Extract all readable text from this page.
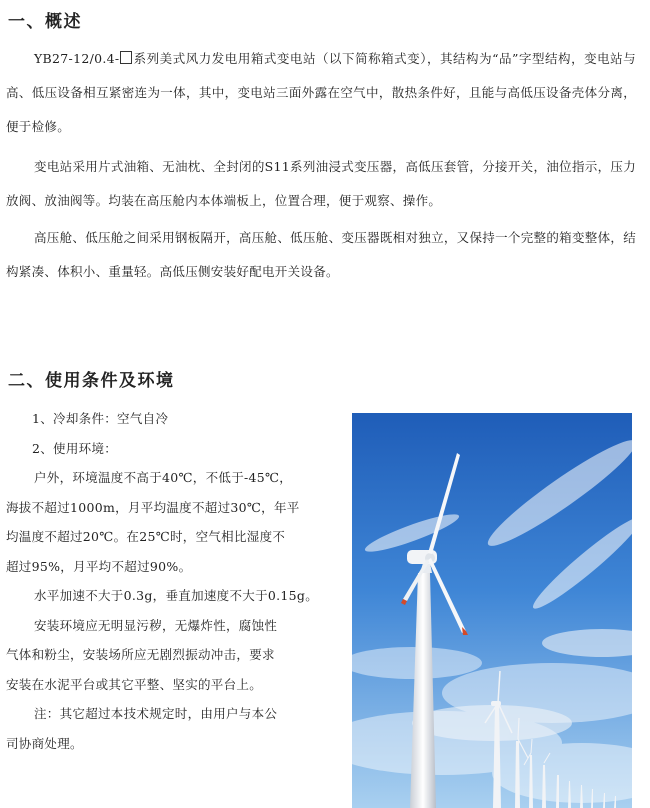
一、概述
YB27-12/0.4- 系列美式风力发电用箱式变电站（以下简称箱式变），其结构为“品”字型结构，变电站与高、低压设备相互紧密连为一体，其中，变电站三面外露在空气中，散热条件好，且能与高低压设备壳体分离，便于检修。
变电站采用片式油箱、无油枕、全封闭的S11系列油浸式变压器，高低压套管，分接开关，油位指示，压力放阀、放油阀等。均装在高压舱内本体端板上，位置合理，便于观察、操作。
高压舱、低压舱之间采用钢板隔开，高压舱、低压舱、变压器既相对独立，又保持一个完整的箱变整体，结构紧凑、体积小、重量轻。高低压侧安装好配电开关设备。
二、使用条件及环境
1、冷却条件：空气自冷
2、使用环境：
户外，环境温度不高于40℃，不低于-45℃，
海拔不超过1000m，月平均温度不超过30℃，年平
均温度不超过20℃。在25℃时，空气相比湿度不
超过95%，月平均不超过90%。
水平加速不大于0.3g，垂直加速度不大于0.15g。
安装环境应无明显污秽，无爆炸性，腐蚀性
气体和粉尘，安装场所应无剧烈振动冲击，要求
安装在水泥平台或其它平整、坚实的平台上。
注：其它超过本技术规定时，由用户与本公
司协商处理。
